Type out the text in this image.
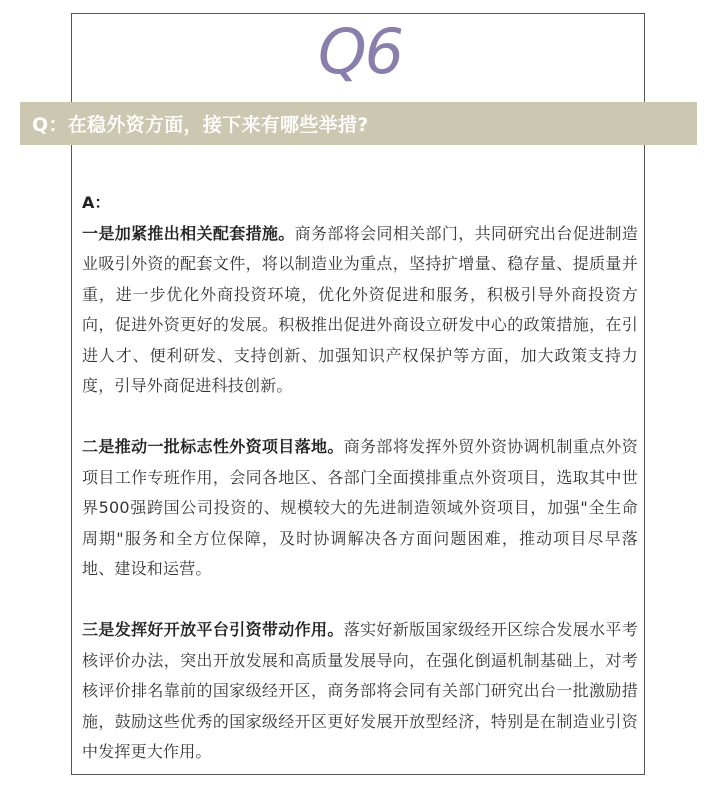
Q6
Q：在稳外资方面，接下来有哪些举措?
A：

一是加紧推出相关配套措施。商务部将会同相关部门，共同研究出台促进制造业吸引外资的配套文件，将以制造业为重点，坚持扩增量、稳存量、提质量并重，进一步优化外商投资环境，优化外资促进和服务，积极引导外商投资方向，促进外资更好的发展。积极推出促进外商设立研发中心的政策措施，在引进人才、便利研发、支持创新、加强知识产权保护等方面，加大政策支持力度，引导外商促进科技创新。

二是推动一批标志性外资项目落地。商务部将发挥外贸外资协调机制重点外资项目工作专班作用，会同各地区、各部门全面摸排重点外资项目，选取其中世界500强跨国公司投资的、规模较大的先进制造领域外资项目，加强"全生命周期"服务和全方位保障，及时协调解决各方面问题困难，推动项目尽早落地、建设和运营。

三是发挥好开放平台引资带动作用。落实好新版国家级经开区综合发展水平考核评价办法，突出开放发展和高质量发展导向，在强化倒逼机制基础上，对考核评价排名靠前的国家级经开区，商务部将会同有关部门研究出台一批激励措施，鼓励这些优秀的国家级经开区更好发展开放型经济，特别是在制造业引资中发挥更大作用。
